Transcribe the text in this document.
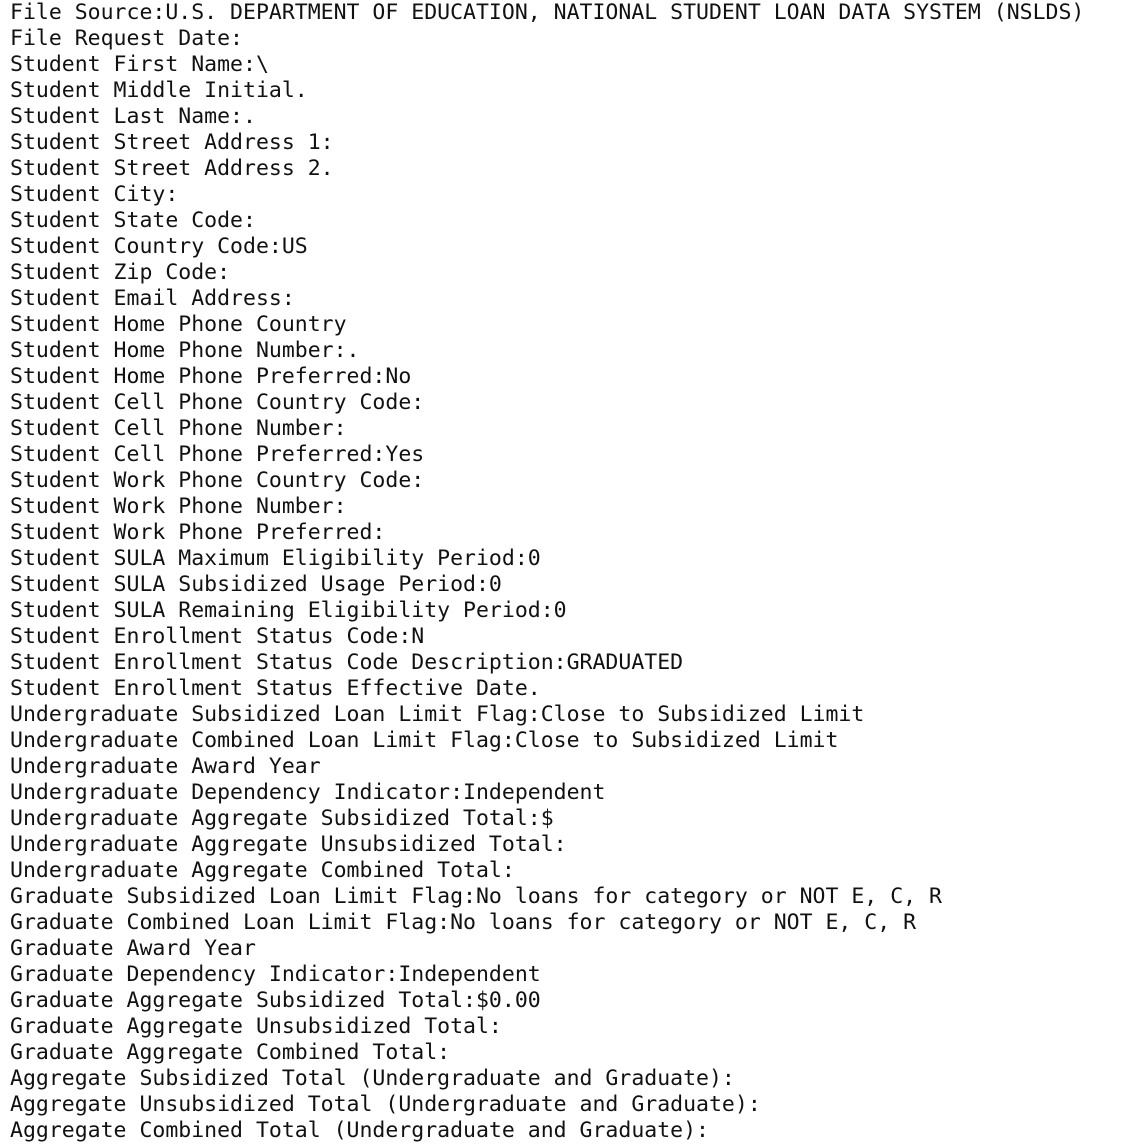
File Source:U.S. DEPARTMENT OF EDUCATION, NATIONAL STUDENT LOAN DATA SYSTEM (NSLDS)
File Request Date:
Student First Name:\
Student Middle Initial.
Student Last Name:.
Student Street Address 1:
Student Street Address 2.
Student City:
Student State Code:
Student Country Code:US
Student Zip Code:
Student Email Address:
Student Home Phone Country
Student Home Phone Number:.
Student Home Phone Preferred:No
Student Cell Phone Country Code:
Student Cell Phone Number:
Student Cell Phone Preferred:Yes
Student Work Phone Country Code:
Student Work Phone Number:
Student Work Phone Preferred:
Student SULA Maximum Eligibility Period:0
Student SULA Subsidized Usage Period:0
Student SULA Remaining Eligibility Period:0
Student Enrollment Status Code:N
Student Enrollment Status Code Description:GRADUATED
Student Enrollment Status Effective Date.
Undergraduate Subsidized Loan Limit Flag:Close to Subsidized Limit
Undergraduate Combined Loan Limit Flag:Close to Subsidized Limit
Undergraduate Award Year
Undergraduate Dependency Indicator:Independent
Undergraduate Aggregate Subsidized Total:$
Undergraduate Aggregate Unsubsidized Total:
Undergraduate Aggregate Combined Total:
Graduate Subsidized Loan Limit Flag:No loans for category or NOT E, C, R
Graduate Combined Loan Limit Flag:No loans for category or NOT E, C, R
Graduate Award Year
Graduate Dependency Indicator:Independent
Graduate Aggregate Subsidized Total:$0.00
Graduate Aggregate Unsubsidized Total:
Graduate Aggregate Combined Total:
Aggregate Subsidized Total (Undergraduate and Graduate):
Aggregate Unsubsidized Total (Undergraduate and Graduate):
Aggregate Combined Total (Undergraduate and Graduate):
